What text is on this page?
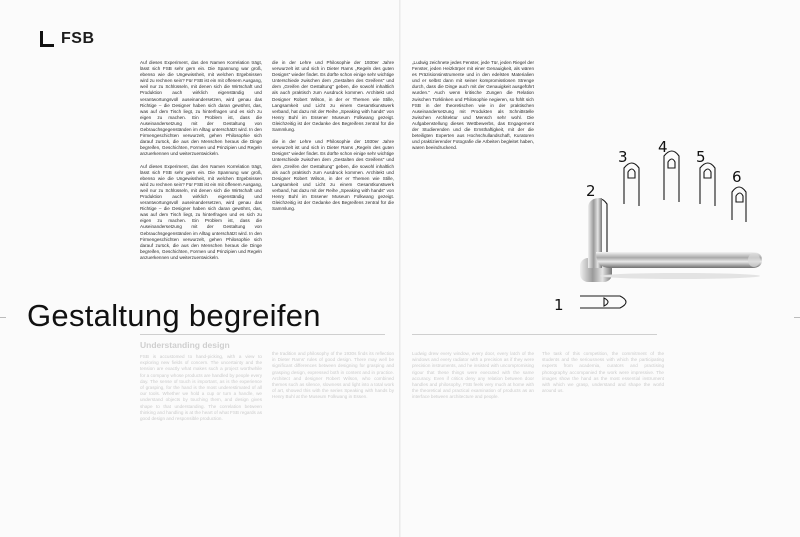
FSB

Auf dieses Experiment, das den Namen Korrelation trägt, lässt sich FSB sehr gern ein. Die Spannung war groß, ebenso wie die Ungewissheit, mit welchen Ergebnissen wird zu rechnen sein? Für FSB ist ein mit offenem Ausgang, weil nur zu Schlüsseln, mit denen sich die Wirtschaft und Produktion auch wirklich eigenständig und verantwortungsvoll auseinandersetzen, wird genau das Richtige – die Designer haben sich daran gewöhnt, das, was auf dem Tisch liegt, zu hinterfragen und es sich zu eigen zu machen. Ein Problem ist, dass die Auseinandersetzung mit der Gestaltung von Gebrauchsgegenständen im Alltag unterschätzt wird. In den Firmengeschichten verwurzelt, gehen Philosophie sich darauf zurück, die aus den Menschen heraus die Dinge begreifen, Geschichten, Formen und Prinzipien und Regeln anzuerkennen und weiterzuentwickeln.

Auf dieses Experiment, das den Namen Korrelation trägt, lässt sich FSB sehr gern ein. Die Spannung war groß, ebenso wie die Ungewissheit, mit welchen Ergebnissen wird zu rechnen sein? Für FSB ist ein mit offenem Ausgang, weil nur zu Schlüsseln, mit denen sich die Wirtschaft und Produktion auch wirklich eigenständig und verantwortungsvoll auseinandersetzen, wird genau das Richtige – die Designer haben sich daran gewöhnt, das, was auf dem Tisch liegt, zu hinterfragen und es sich zu eigen zu machen. Ein Problem ist, dass die Auseinandersetzung mit der Gestaltung von Gebrauchsgegenständen im Alltag unterschätzt wird. In den Firmengeschichten verwurzelt, gehen Philosophie sich darauf zurück, die aus den Menschen heraus die Dinge begreifen, Geschichten, Formen und Prinzipien und Regeln anzuerkennen und weiterzuentwickeln.

die in der Lehre und Philosophie der 1930er Jahre verwurzelt ist und sich in Dieter Rams „Regeln des guten Designs" wieder findet. Es dürfte schon einige sehr wichtige Unterschiede zwischen dem „Gestalten des Greifens" und dem „Greifen der Gestaltung" geben, die sowohl inhaltlich als auch praktisch zum Ausdruck kommen. Architekt und Designer Robert Wilson, in der er Themen wie Stille, Langsamkeit und Licht zu einem Gesamtkunstwerk verband, hat dazu mit der Reihe „Speaking with hands" von Henry Buhl im Essener Museum Folkwang gezeigt. Gleichzeitig ist der Gedanke des Begreifens zentral für die Sammlung.

die in der Lehre und Philosophie der 1930er Jahre verwurzelt ist und sich in Dieter Rams „Regeln des guten Designs" wieder findet. Es dürfte schon einige sehr wichtige Unterschiede zwischen dem „Gestalten des Greifens" und dem „Greifen der Gestaltung" geben, die sowohl inhaltlich als auch praktisch zum Ausdruck kommen. Architekt und Designer Robert Wilson, in der er Themen wie Stille, Langsamkeit und Licht zu einem Gesamtkunstwerk verband, hat dazu mit der Reihe „Speaking with hands" von Henry Buhl im Essener Museum Folkwang gezeigt. Gleichzeitig ist der Gedanke des Begreifens zentral für die Sammlung.

„Ludwig zeichnete jedes Fenster, jede Tür, jeden Riegel der Fenster, jeden Heizkörper mit einer Genauigkeit, als wären es Präzisionsinstrumente und in den edelsten Materialien und er selbst dann mit seiner kompromisslosen Strenge durch, dass die Dinge auch mit der Genauigkeit ausgeführt wurden." Auch wenn kritische Zungen die Relation zwischen Türklinken und Philosophie negieren, so fühlt sich FSB in der theoretischen wie in der praktischen Auseinandersetzung mit Produkten als Schnittstelle zwischen Architektur und Mensch sehr wohl. Die Aufgabenstellung dieses Wettbewerbs, das Engagement der Studierenden und die Ernsthaftigkeit, mit der die beteiligten Experten aus Hochschullandschaft, Kuratoren und praktizierender Fotografie die Arbeiten begleitet haben, waren beeindruckend.

Gestaltung begreifen
Understanding design
FSB is accustomed to hand-picking, with a view to exploring new fields of concern. The uncertainty and the tension are exactly what makes such a project worthwhile for a company whose products are handled by people every day. The sense of touch is important, as is the experience of grasping, for the hand is the most underestimated of all our tools. Whether we hold a cup or turn a handle, we understand objects by touching them, and design gives shape to that understanding. The correlation between thinking and handling is at the heart of what FSB regards as good design and responsible production.
the tradition and philosophy of the 1930s finds its reflection in Dieter Rams' rules of good design. There may well be significant differences between designing for grasping and grasping design, expressed both in content and in practice. Architect and designer Robert Wilson, who combined themes such as silence, slowness and light into a total work of art, showed this with the series Speaking with hands by Henry Buhl at the Museum Folkwang in Essen.
Ludwig drew every window, every door, every latch of the windows and every radiator with a precision as if they were precision instruments, and he insisted with uncompromising rigour that these things were executed with the same accuracy. Even if critics deny any relation between door handles and philosophy, FSB feels very much at home with the theoretical and practical examination of products as an interface between architecture and people.
The task of this competition, the commitment of the students and the seriousness with which the participating experts from academia, curators and practising photography accompanied the work were impressive. The images show the hand as the most essential instrument with which we grasp, understand and shape the world around us.
2
3
4
5
6
1
